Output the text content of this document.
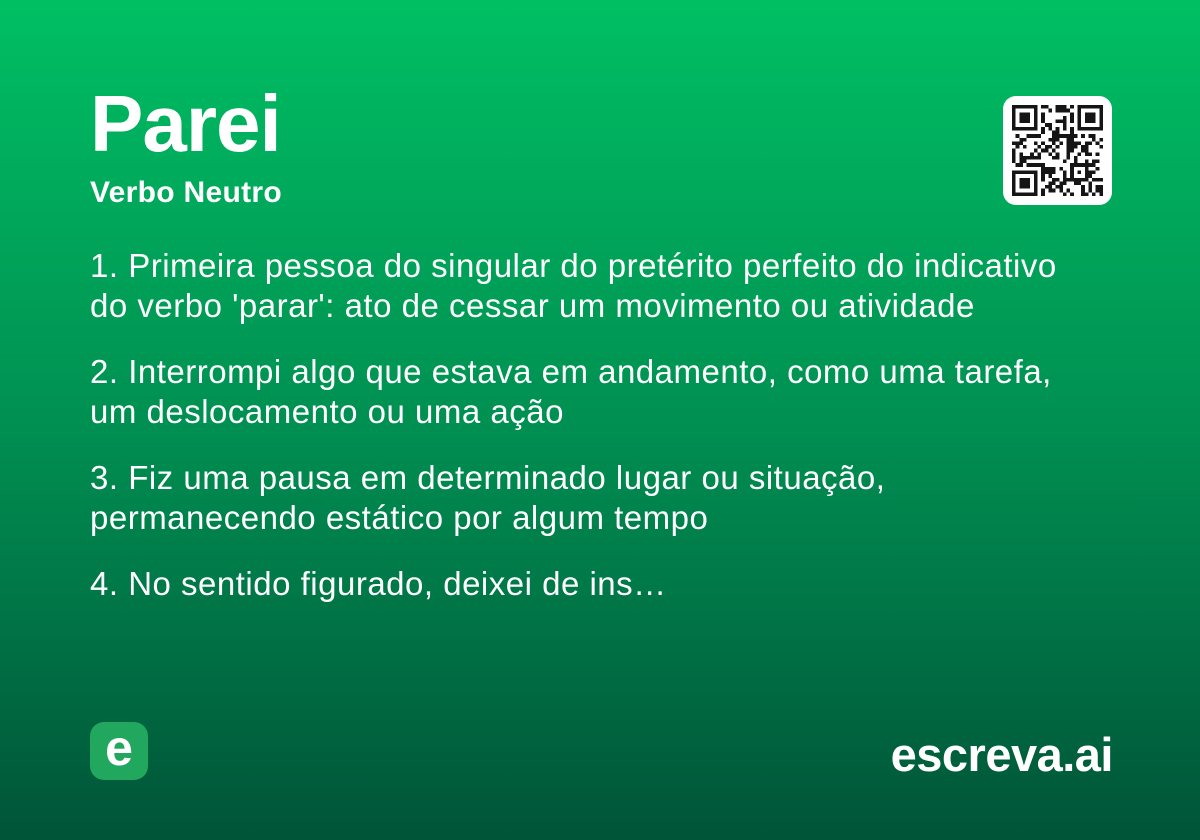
Parei
Verbo Neutro

1. Primeira pessoa do singular do pretérito perfeito do indicativo do verbo 'parar': ato de cessar um movimento ou atividade

2. Interrompi algo que estava em andamento, como uma tarefa, um deslocamento ou uma ação

3. Fiz uma pausa em determinado lugar ou situação, permanecendo estático por algum tempo

4. No sentido figurado, deixei de ins…

e	escreva.ai
